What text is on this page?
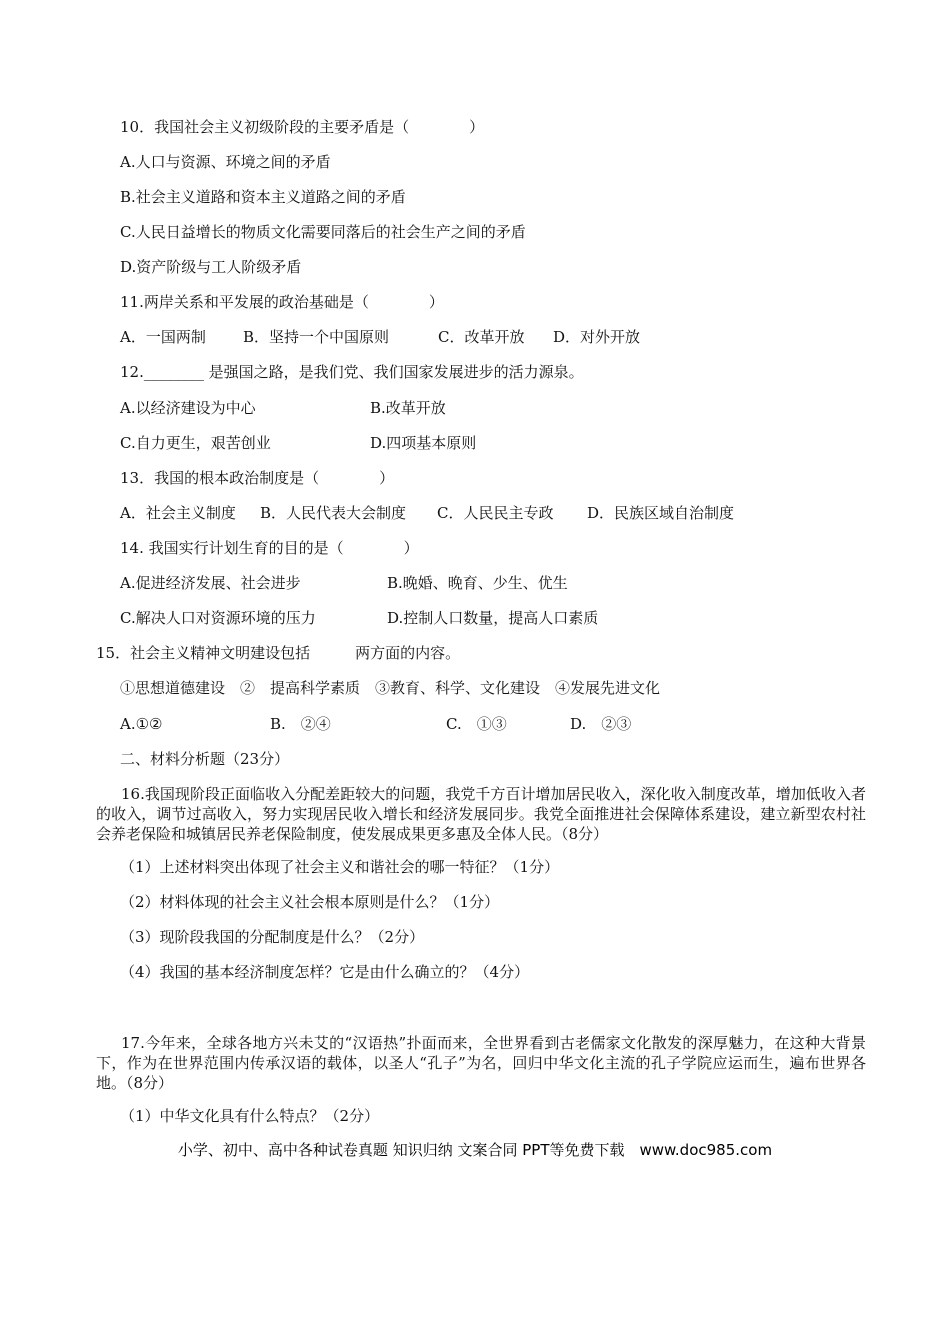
10．我国社会主义初级阶段的主要矛盾是（　　　　）
A.人口与资源、环境之间的矛盾
B.社会主义道路和资本主义道路之间的矛盾
C.人民日益增长的物质文化需要同落后的社会生产之间的矛盾
D.资产阶级与工人阶级矛盾
11.两岸关系和平发展的政治基础是（　　　　）
A．一国两制 B．坚持一个中国原则	C．改革开放 D．对外开放
12.________ 是强国之路，是我们党、我们国家发展进步的活力源泉。
A.以经济建设为中心	B.改革开放
C.自力更生，艰苦创业	D.四项基本原则
13．我国的根本政治制度是（　　　　）
A．社会主义制度 B．人民代表大会制度 C．人民民主专政 D．民族区域自治制度
14. 我国实行计划生育的目的是（　　　　）
A.促进经济发展、社会进步	B.晚婚、晚育、少生、优生
C.解决人口对资源环境的压力	D.控制人口数量，提高人口素质
15．社会主义精神文明建设包括　　　两方面的内容。
①思想道德建设　②　提高科学素质　③教育、科学、文化建设　④发展先进文化
A.①②	B.　②④	C.　①③	D.　②③
二、材料分析题（23分）
16.我国现阶段正面临收入分配差距较大的问题，我党千方百计增加居民收入，深化收入制度改革，增加低收入者的收入，调节过高收入，努力实现居民收入增长和经济发展同步。我党全面推进社会保障体系建设，建立新型农村社会养老保险和城镇居民养老保险制度，使发展成果更多惠及全体人民。（8分）
（1）上述材料突出体现了社会主义和谐社会的哪一特征？（1分）
（2）材料体现的社会主义社会根本原则是什么？（1分）
（3）现阶段我国的分配制度是什么？（2分）
（4）我国的基本经济制度怎样？它是由什么确立的？（4分）
17.今年来，全球各地方兴未艾的“汉语热”扑面而来，全世界看到古老儒家文化散发的深厚魅力，在这种大背景下，作为在世界范围内传承汉语的载体，以圣人“孔子”为名，回归中华文化主流的孔子学院应运而生，遍布世界各地。（8分）
（1）中华文化具有什么特点？（2分）
小学、初中、高中各种试卷真题 知识归纳 文案合同 PPT等免费下载　www.doc985.com
